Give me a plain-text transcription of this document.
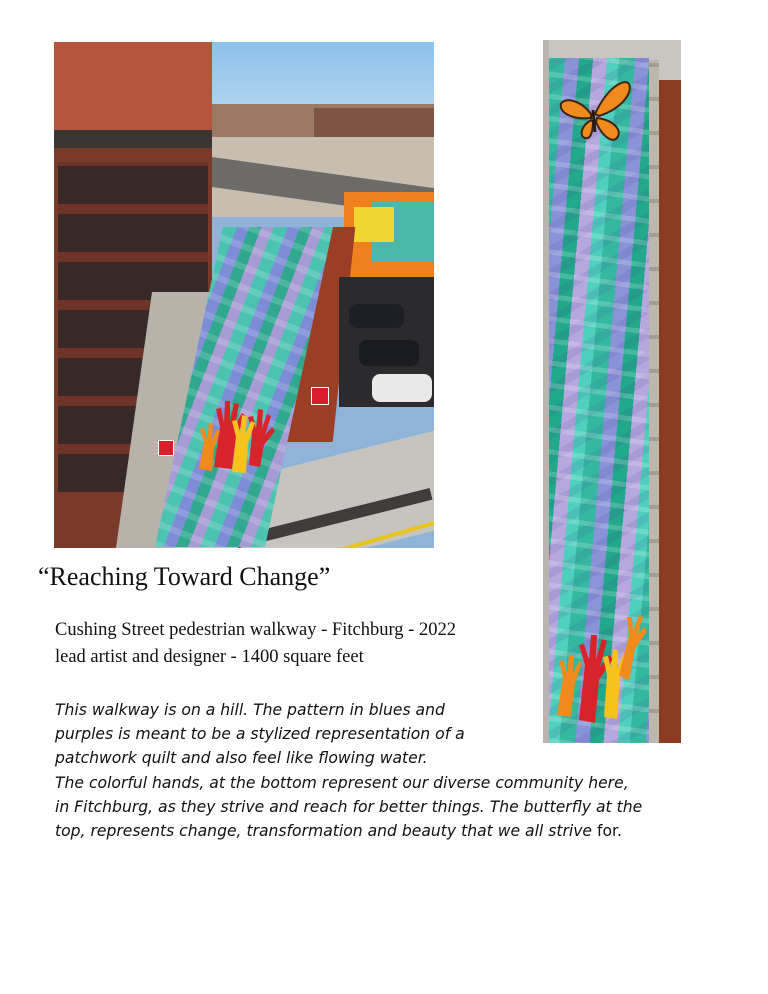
“Reaching Toward Change”
Cushing Street pedestrian walkway - Fitchburg - 2022
lead artist and designer - 1400 square feet
This walkway is on a hill. The pattern in blues and
purples is meant to be a stylized representation of a
patchwork quilt and also feel like flowing water.
The colorful hands, at the bottom represent our diverse community here,
in Fitchburg, as they strive and reach for better things. The butterfly at the
top, represents change, transformation and beauty that we all strive for.
